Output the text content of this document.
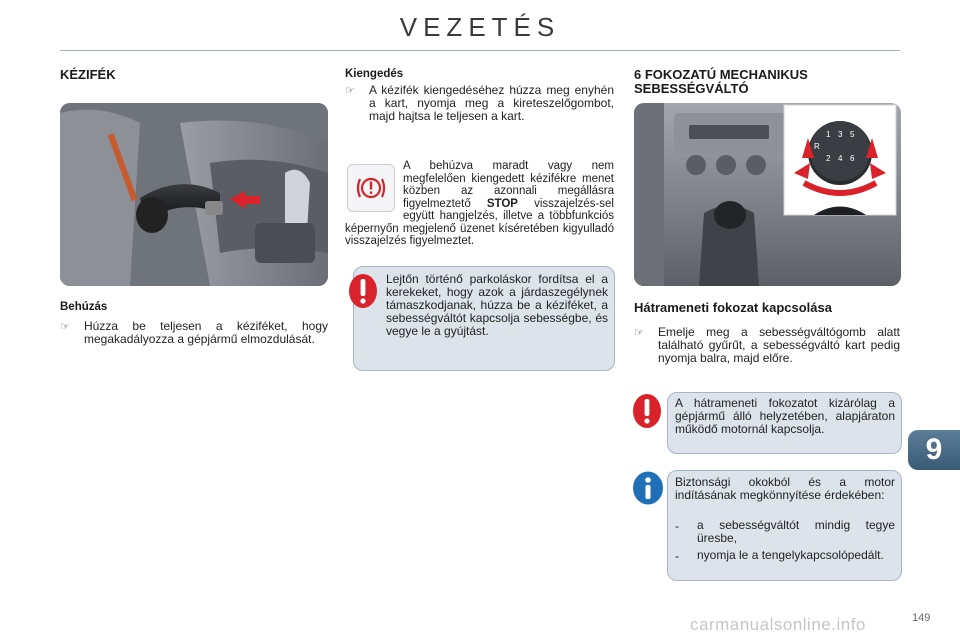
VEZETÉS
KÉZIFÉK
Behúzás
☞	Húzza be teljesen a kéziféket, hogy megakadályozza a gépjármű elmozdulását.
Kiengedés
☞	A kézifék kiengedéséhez húzza meg enyhén a kart, nyomja meg a kireteszelőgombot, majd hajtsa le teljesen a kart.
A behúzva maradt vagy nem megfelelően kiengedett kézifékre menet közben az azonnali megállásra figyelmeztető STOP visszajelzés-sel együtt hangjelzés, illetve a többfunkciós képernyőn megjelenő üzenet kíséretében kigyulladó visszajelzés figyelmeztet.
Lejtőn történő parkoláskor fordítsa el a kerekeket, hogy azok a járdaszegélynek támaszkodjanak, húzza be a kéziféket, a sebességváltót kapcsolja sebességbe, és vegye le a gyújtást.
6 FOKOZATÚ MECHANIKUS
SEBESSÉGVÁLTÓ
1 3 5
2 4 6
R
Hátrameneti fokozat kapcsolása
☞	Emelje meg a sebességváltógomb alatt található gyűrűt, a sebességváltó kart pedig nyomja balra, majd előre.
A hátrameneti fokozatot kizárólag a gépjármű álló helyzetében, alapjáraton működő motornál kapcsolja.
Biztonsági okokból és a motor indításának megkönnyítése érdekében:
-	a sebességváltót mindig tegye üresbe,
-	nyomja le a tengelykapcsolópedált.
9
149
carmanualsonline.info
